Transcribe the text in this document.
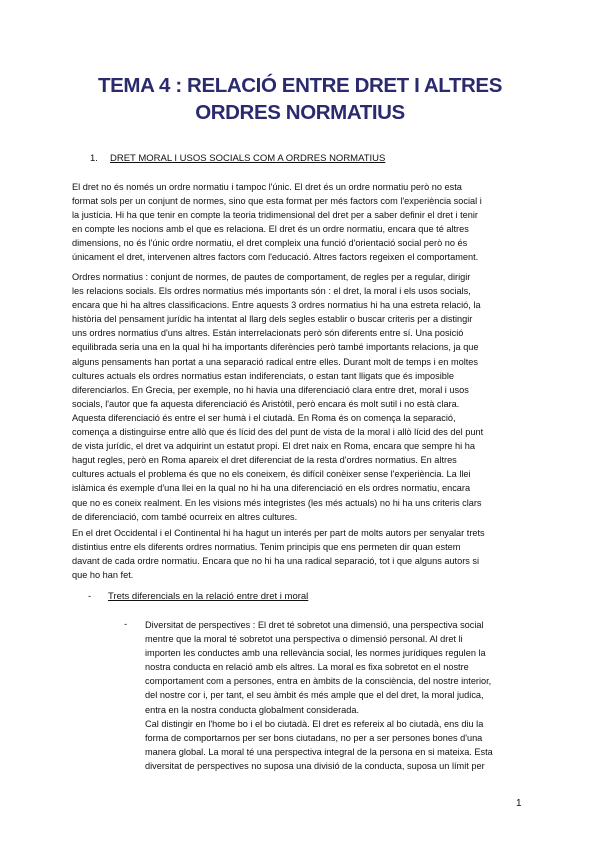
TEMA 4 : RELACIÓ ENTRE DRET I ALTRES
ORDRES NORMATIUS
1. DRET MORAL I USOS SOCIALS COM A ORDRES NORMATIUS
El dret no és només un ordre normatiu i tampoc l'únic. El dret és un ordre normatiu però no esta
format sols per un conjunt de normes, sino que esta format per més factors com l'experiència social i
la justícia. Hi ha que tenir en compte la teoria tridimensional del dret per a saber definir el dret i tenir
en compte les nocions amb el que es relaciona. El dret és un ordre normatiu, encara que té altres
dimensions, no és l'únic ordre normatiu, el dret compleix una funció d'orientació social però no és
únicament el dret, intervenen altres factors com l'educació. Altres factors regeixen el comportament.
Ordres normatius : conjunt de normes, de pautes de comportament, de regles per a regular, dirigir
les relacions socials. Els ordres normatius més importants són : el dret, la moral i els usos socials,
encara que hi ha altres classificacions. Entre aquests 3 ordres normatius hi ha una estreta relació, la
història del pensament jurídic ha intentat al llarg dels segles establir o buscar criteris per a distingir
uns ordres normatius d'uns altres. Están interrelacionats però són diferents entre sí. Una posició
equilibrada seria una en la qual hi ha importants diferències però també importants relacions, ja que
alguns pensaments han portat a una separació radical entre elles. Durant molt de temps i en moltes
cultures actuals els ordres normatius estan indiferenciats, o estan tant lligats que és imposible
diferenciarlos. En Grecia, per exemple, no hi havia una diferenciació clara entre dret, moral i usos
socials, l'autor que fa aquesta diferenciació és Aristòtil, però encara és molt sutil i no està clara.
Aquesta diferenciació és entre el ser humà i el ciutadà. En Roma és on comença la separació,
comença a distinguirse entre allò que és lícid des del punt de vista de la moral i allò lícid des del punt
de vista jurídic, el dret va adquirint un estatut propi. El dret naix en Roma, encara que sempre hi ha
hagut regles, però en Roma apareix el dret diferenciat de la resta d'ordres normatius. En altres
cultures actuals el problema és que no els coneixem, és difícil conèixer sense l'experiència. La llei
islàmica és exemple d'una llei en la qual no hi ha una diferenciació en els ordres normatiu, encara
que no es coneix realment. En les visions més integristes (les més actuals) no hi ha uns criteris clars
de diferenciació, com també ocurreix en altres cultures.
En el dret Occidental i el Continental hi ha hagut un interés per part de molts autors per senyalar trets
distintius entre els diferents ordres normatius. Tenim principis que ens permeten dir quan estem
davant de cada ordre normatiu. Encara que no hi ha una radical separació, tot i que alguns autors si
que ho han fet.
- Trets diferencials en la relació entre dret i moral
- Diversitat de perspectives : El dret té sobretot una dimensió, una perspectiva social
mentre que la moral té sobretot una perspectiva o dimensió personal. Al dret li
importen les conductes amb una rellevància social, les normes jurídiques regulen la
nostra conducta en relació amb els altres. La moral es fixa sobretot en el nostre
comportament com a persones, entra en àmbits de la consciència, del nostre interior,
del nostre cor i, per tant, el seu àmbit és més ample que el del dret, la moral judica,
entra en la nostra conducta globalment considerada.
Cal distingir en l'home bo i el bo ciutadà. El dret es refereix al bo ciutadà, ens diu la
forma de comportarnos per ser bons ciutadans, no per a ser persones bones d'una
manera global. La moral té una perspectiva integral de la persona en si mateixa. Esta
diversitat de perspectives no suposa una divisió de la conducta, suposa un límit per
1
